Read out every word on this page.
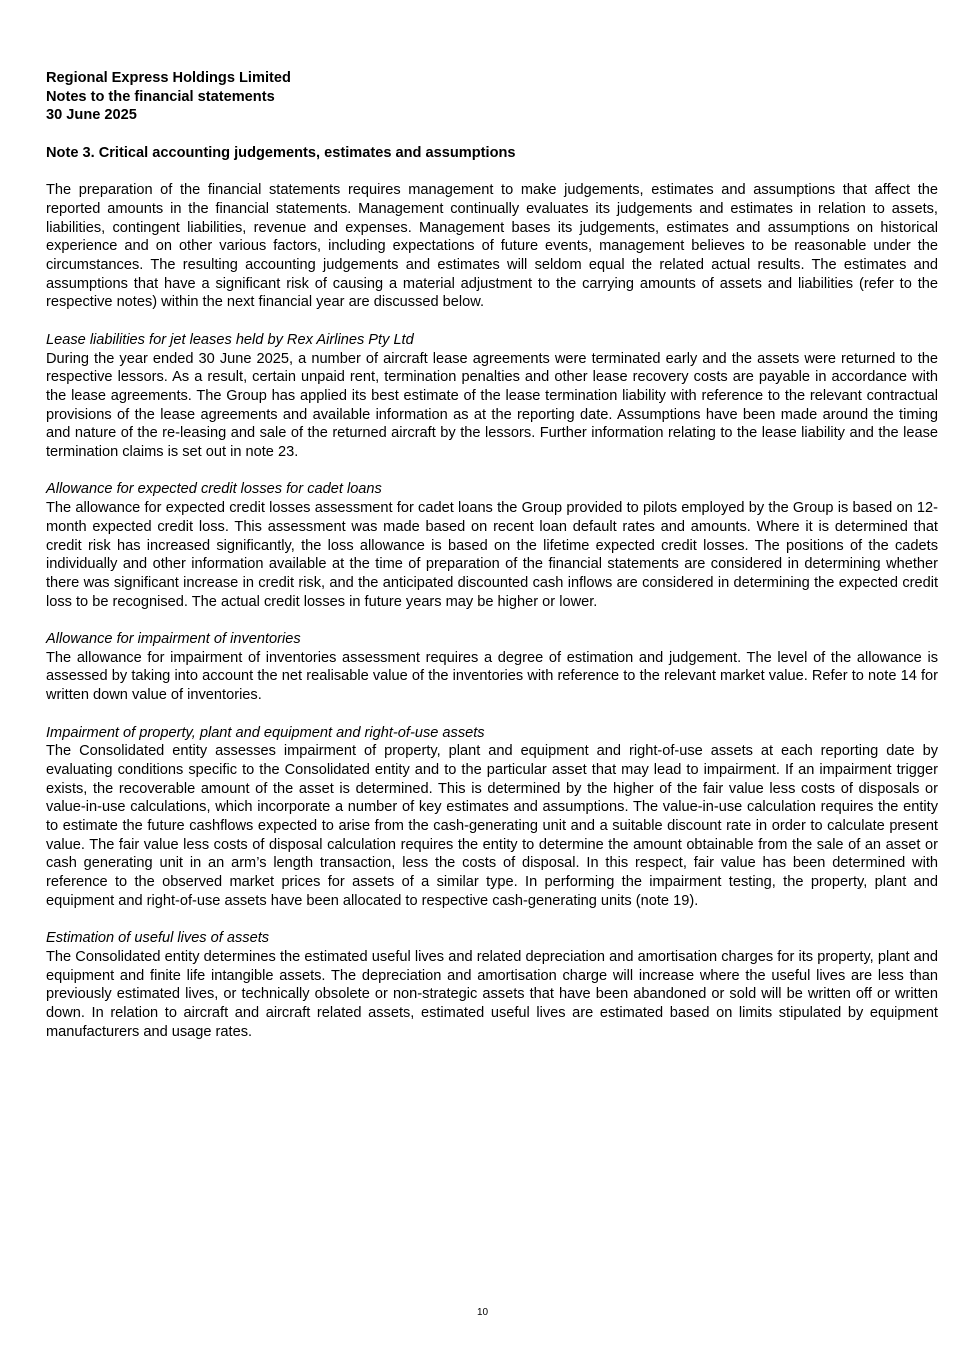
Regional Express Holdings Limited

Notes to the financial statements

30 June 2025

Note 3. Critical accounting judgements, estimates and assumptions

The preparation of the financial statements requires management to make judgements, estimates and assumptions that affect the reported amounts in the financial statements. Management continually evaluates its judgements and estimates in relation to assets, liabilities, contingent liabilities, revenue and expenses. Management bases its judgements, estimates and assumptions on historical experience and on other various factors, including expectations of future events, management believes to be reasonable under the circumstances. The resulting accounting judgements and estimates will seldom equal the related actual results. The estimates and assumptions that have a significant risk of causing a material adjustment to the carrying amounts of assets and liabilities (refer to the respective notes) within the next financial year are discussed below.

Lease liabilities for jet leases held by Rex Airlines Pty Ltd

During the year ended 30 June 2025, a number of aircraft lease agreements were terminated early and the assets were returned to the respective lessors. As a result, certain unpaid rent, termination penalties and other lease recovery costs are payable in accordance with the lease agreements. The Group has applied its best estimate of the lease termination liability with reference to the relevant contractual provisions of the lease agreements and available information as at the reporting date. Assumptions have been made around the timing and nature of the re-leasing and sale of the returned aircraft by the lessors. Further information relating to the lease liability and the lease termination claims is set out in note 23.

Allowance for expected credit losses for cadet loans

The allowance for expected credit losses assessment for cadet loans the Group provided to pilots employed by the Group is based on 12-month expected credit loss. This assessment was made based on recent loan default rates and amounts. Where it is determined that credit risk has increased significantly, the loss allowance is based on the lifetime expected credit losses. The positions of the cadets individually and other information available at the time of preparation of the financial statements are considered in determining whether there was significant increase in credit risk, and the anticipated discounted cash inflows are considered in determining the expected credit loss to be recognised. The actual credit losses in future years may be higher or lower.

Allowance for impairment of inventories

The allowance for impairment of inventories assessment requires a degree of estimation and judgement. The level of the allowance is assessed by taking into account the net realisable value of the inventories with reference to the relevant market value. Refer to note 14 for written down value of inventories.

Impairment of property, plant and equipment and right-of-use assets

The Consolidated entity assesses impairment of property, plant and equipment and right-of-use assets at each reporting date by evaluating conditions specific to the Consolidated entity and to the particular asset that may lead to impairment. If an impairment trigger exists, the recoverable amount of the asset is determined. This is determined by the higher of the fair value less costs of disposals or value-in-use calculations, which incorporate a number of key estimates and assumptions. The value-in-use calculation requires the entity to estimate the future cashflows expected to arise from the cash-generating unit and a suitable discount rate in order to calculate present value. The fair value less costs of disposal calculation requires the entity to determine the amount obtainable from the sale of an asset or cash generating unit in an arm’s length transaction, less the costs of disposal. In this respect, fair value has been determined with reference to the observed market prices for assets of a similar type. In performing the impairment testing, the property, plant and equipment and right-of-use assets have been allocated to respective cash-generating units (note 19).

Estimation of useful lives of assets

The Consolidated entity determines the estimated useful lives and related depreciation and amortisation charges for its property, plant and equipment and finite life intangible assets. The depreciation and amortisation charge will increase where the useful lives are less than previously estimated lives, or technically obsolete or non-strategic assets that have been abandoned or sold will be written off or written down. In relation to aircraft and aircraft related assets, estimated useful lives are estimated based on limits stipulated by equipment manufacturers and usage rates.

10
